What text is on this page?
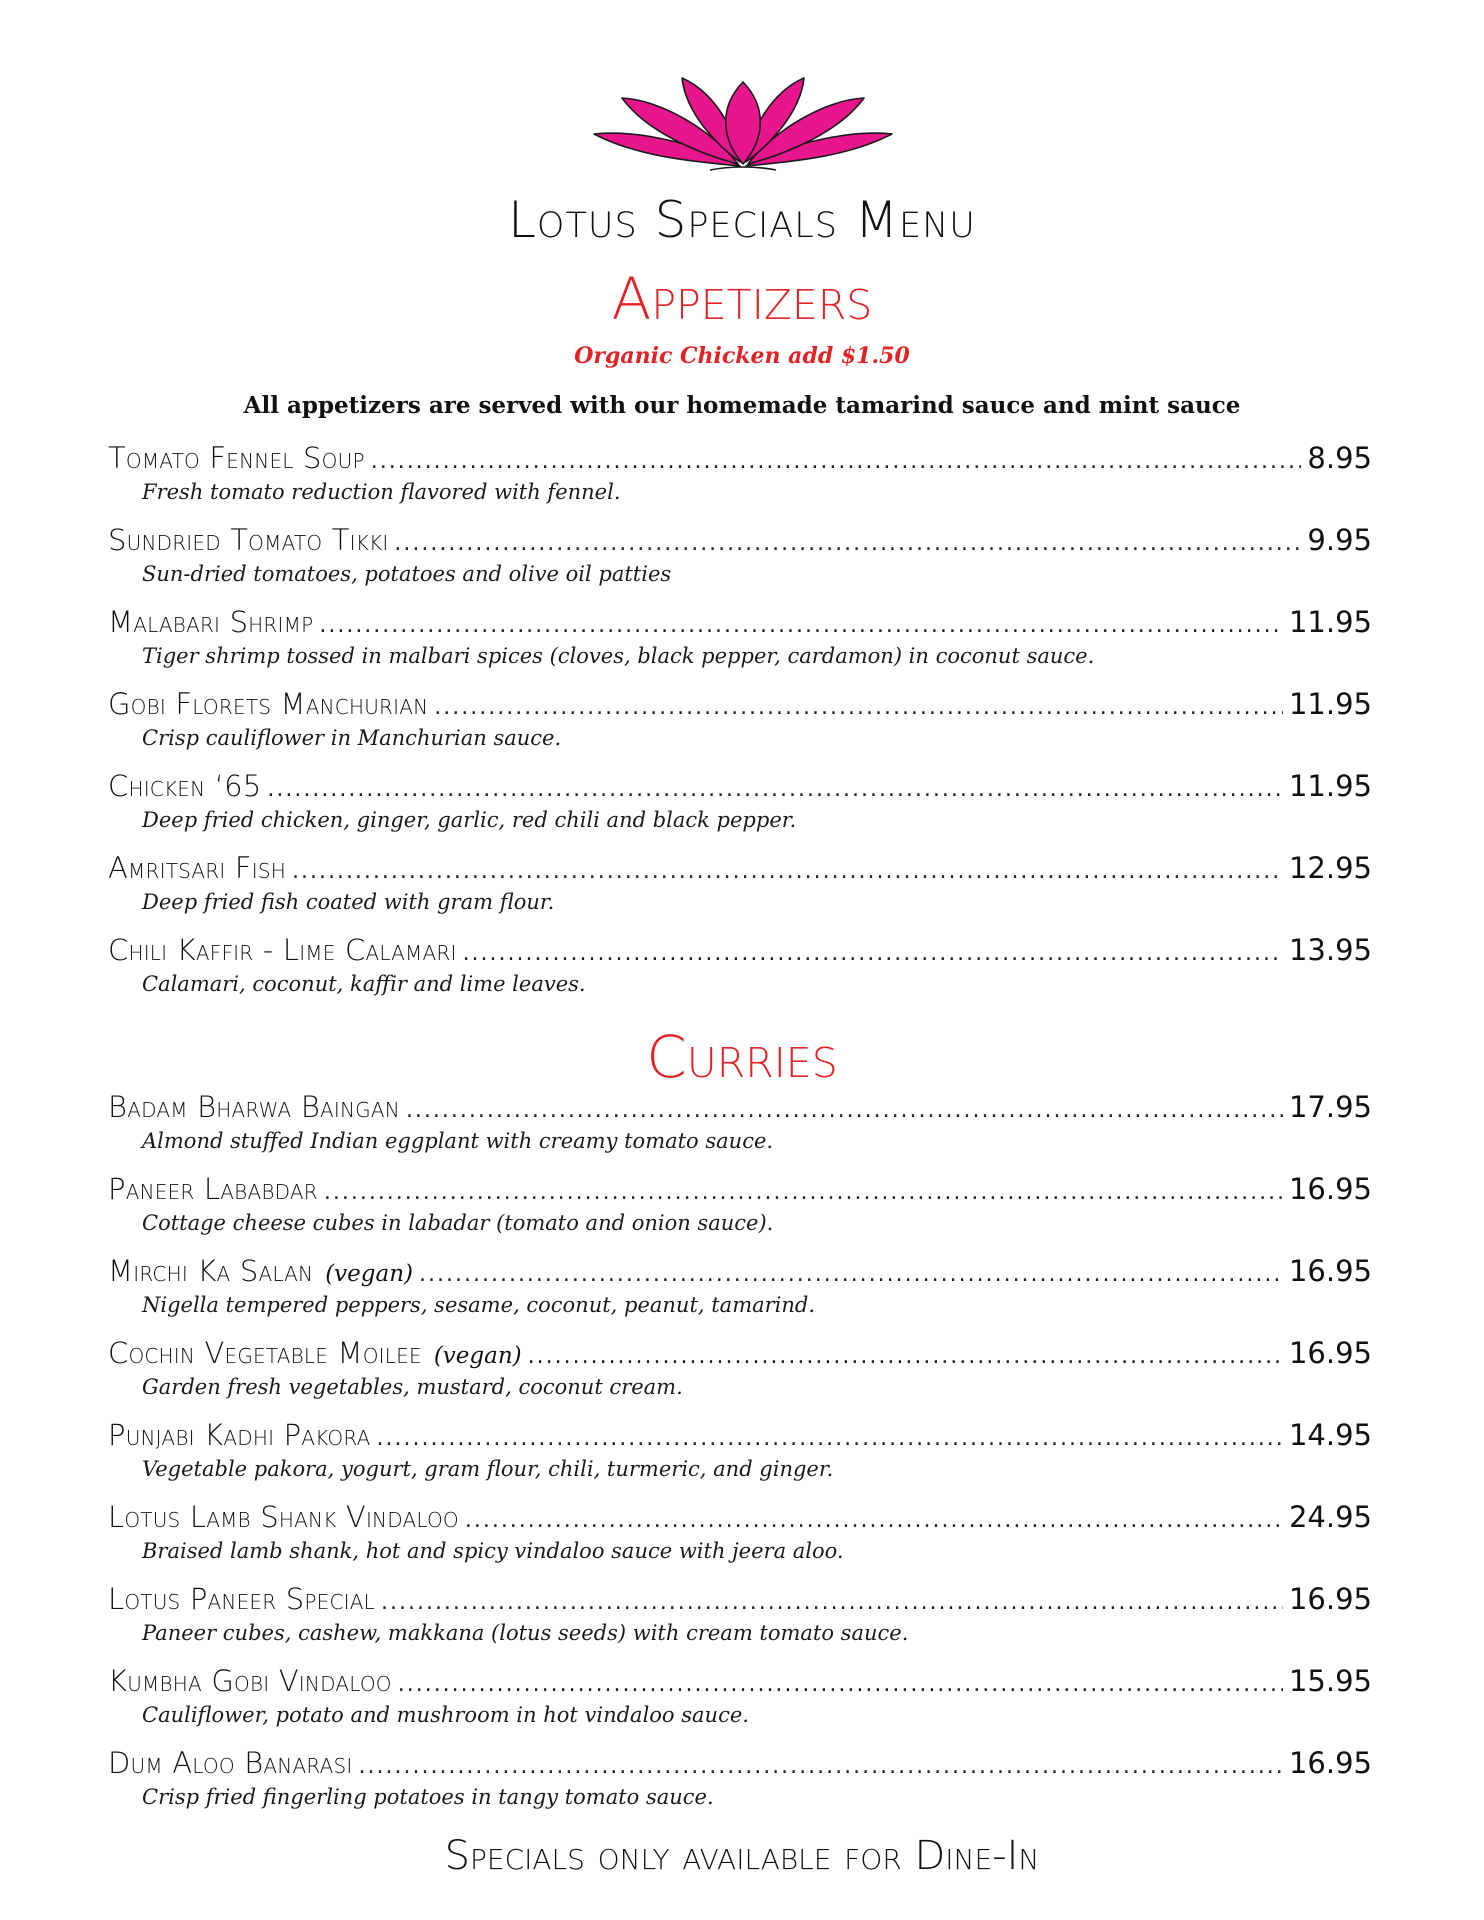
Lotus Specials Menu
Appetizers
Organic Chicken add $1.50
All appetizers are served with our homemade tamarind sauce and mint sauce
Tomato Fennel Soup .....	8.95
Fresh tomato reduction flavored with fennel.
Sundried Tomato Tikki .....	9.95
Sun-dried tomatoes, potatoes and olive oil patties
Malabari Shrimp .....	11.95
Tiger shrimp tossed in malbari spices (cloves, black pepper, cardamon) in coconut sauce.
Gobi Florets Manchurian .....	11.95
Crisp cauliflower in Manchurian sauce.
Chicken ‘65 .....	11.95
Deep fried chicken, ginger, garlic, red chili and black pepper.
Amritsari Fish .....	12.95
Deep fried fish coated with gram flour.
Chili Kaffir - Lime Calamari .....	13.95
Calamari, coconut, kaffir and lime leaves.
Curries
Badam Bharwa Baingan .....	17.95
Almond stuffed Indian eggplant with creamy tomato sauce.
Paneer Lababdar .....	16.95
Cottage cheese cubes in labadar (tomato and onion sauce).
Mirchi Ka Salan (vegan) .....	16.95
Nigella tempered peppers, sesame, coconut, peanut, tamarind.
Cochin Vegetable Moilee (vegan) .....	16.95
Garden fresh vegetables, mustard, coconut cream.
Punjabi Kadhi Pakora .....	14.95
Vegetable pakora, yogurt, gram flour, chili, turmeric, and ginger.
Lotus Lamb Shank Vindaloo .....	24.95
Braised lamb shank, hot and spicy vindaloo sauce with jeera aloo.
Lotus Paneer Special .....	16.95
Paneer cubes, cashew, makkana (lotus seeds) with cream tomato sauce.
Kumbha Gobi Vindaloo .....	15.95
Cauliflower, potato and mushroom in hot vindaloo sauce.
Dum Aloo Banarasi .....	16.95
Crisp fried fingerling potatoes in tangy tomato sauce.
Specials only available for Dine-In
